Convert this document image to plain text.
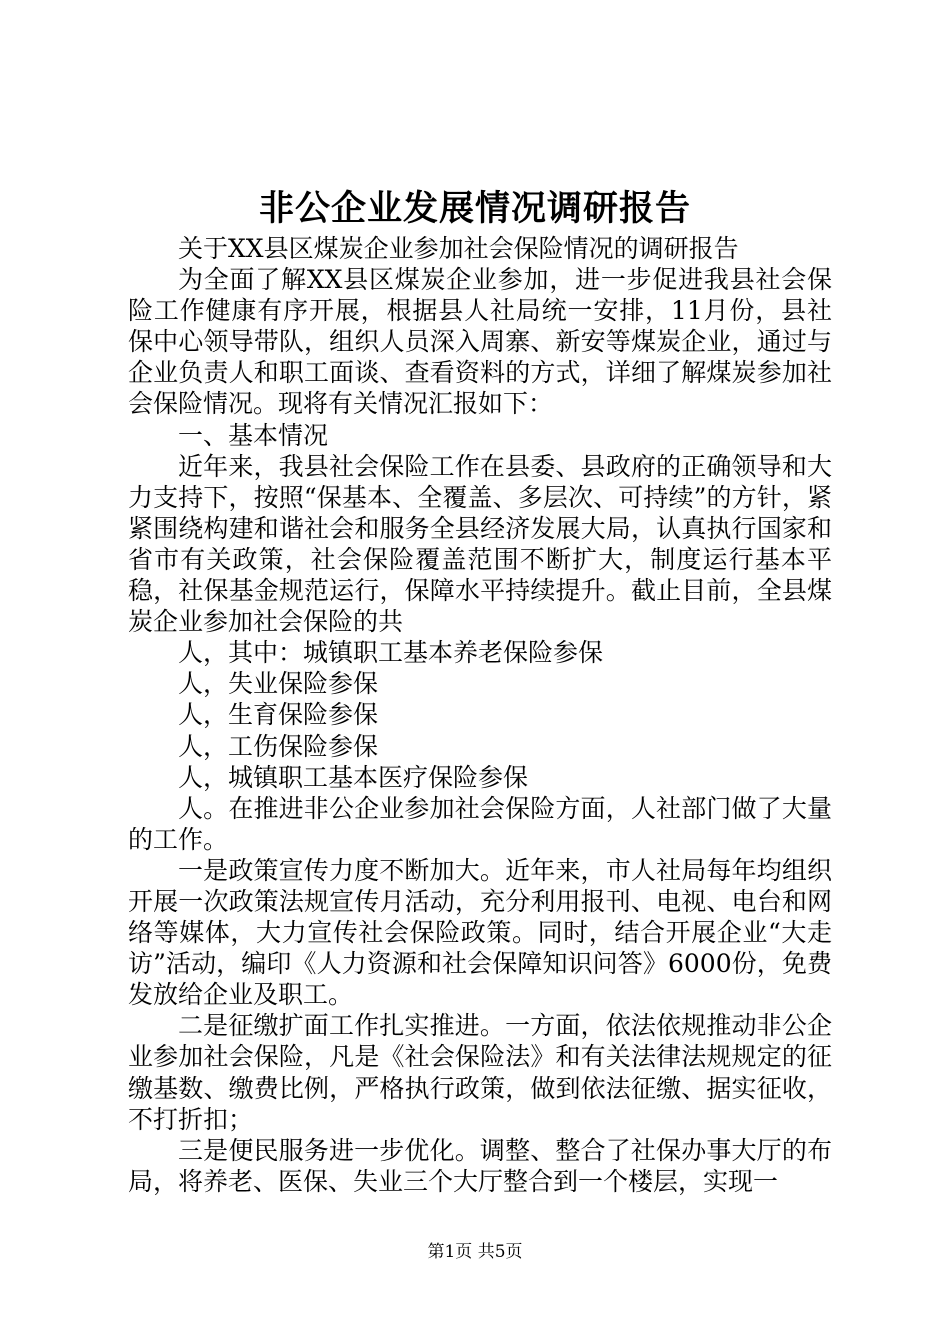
非公企业发展情况调研报告

关于XX县区煤炭企业参加社会保险情况的调研报告

为全面了解XX县区煤炭企业参加，进一步促进我县社会保险工作健康有序开展，根据县人社局统一安排，11月份，县社保中心领导带队，组织人员深入周寨、新安等煤炭企业，通过与企业负责人和职工面谈、查看资料的方式，详细了解煤炭参加社会保险情况。现将有关情况汇报如下：

一、基本情况

近年来，我县社会保险工作在县委、县政府的正确领导和大力支持下，按照“保基本、全覆盖、多层次、可持续”的方针，紧紧围绕构建和谐社会和服务全县经济发展大局，认真执行国家和省市有关政策，社会保险覆盖范围不断扩大，制度运行基本平稳，社保基金规范运行，保障水平持续提升。截止目前，全县煤炭企业参加社会保险的共

人，其中：城镇职工基本养老保险参保

人，失业保险参保

人，生育保险参保

人，工伤保险参保

人，城镇职工基本医疗保险参保

人。在推进非公企业参加社会保险方面，人社部门做了大量的工作。

一是政策宣传力度不断加大。近年来，市人社局每年均组织开展一次政策法规宣传月活动，充分利用报刊、电视、电台和网络等媒体，大力宣传社会保险政策。同时，结合开展企业“大走访”活动，编印《人力资源和社会保障知识问答》6000份，免费发放给企业及职工。

二是征缴扩面工作扎实推进。一方面，依法依规推动非公企业参加社会保险，凡是《社会保险法》和有关法律法规规定的征缴基数、缴费比例，严格执行政策，做到依法征缴、据实征收，不打折扣；

三是便民服务进一步优化。调整、整合了社保办事大厅的布局，将养老、医保、失业三个大厅整合到一个楼层，实现一

第1页 共5页
